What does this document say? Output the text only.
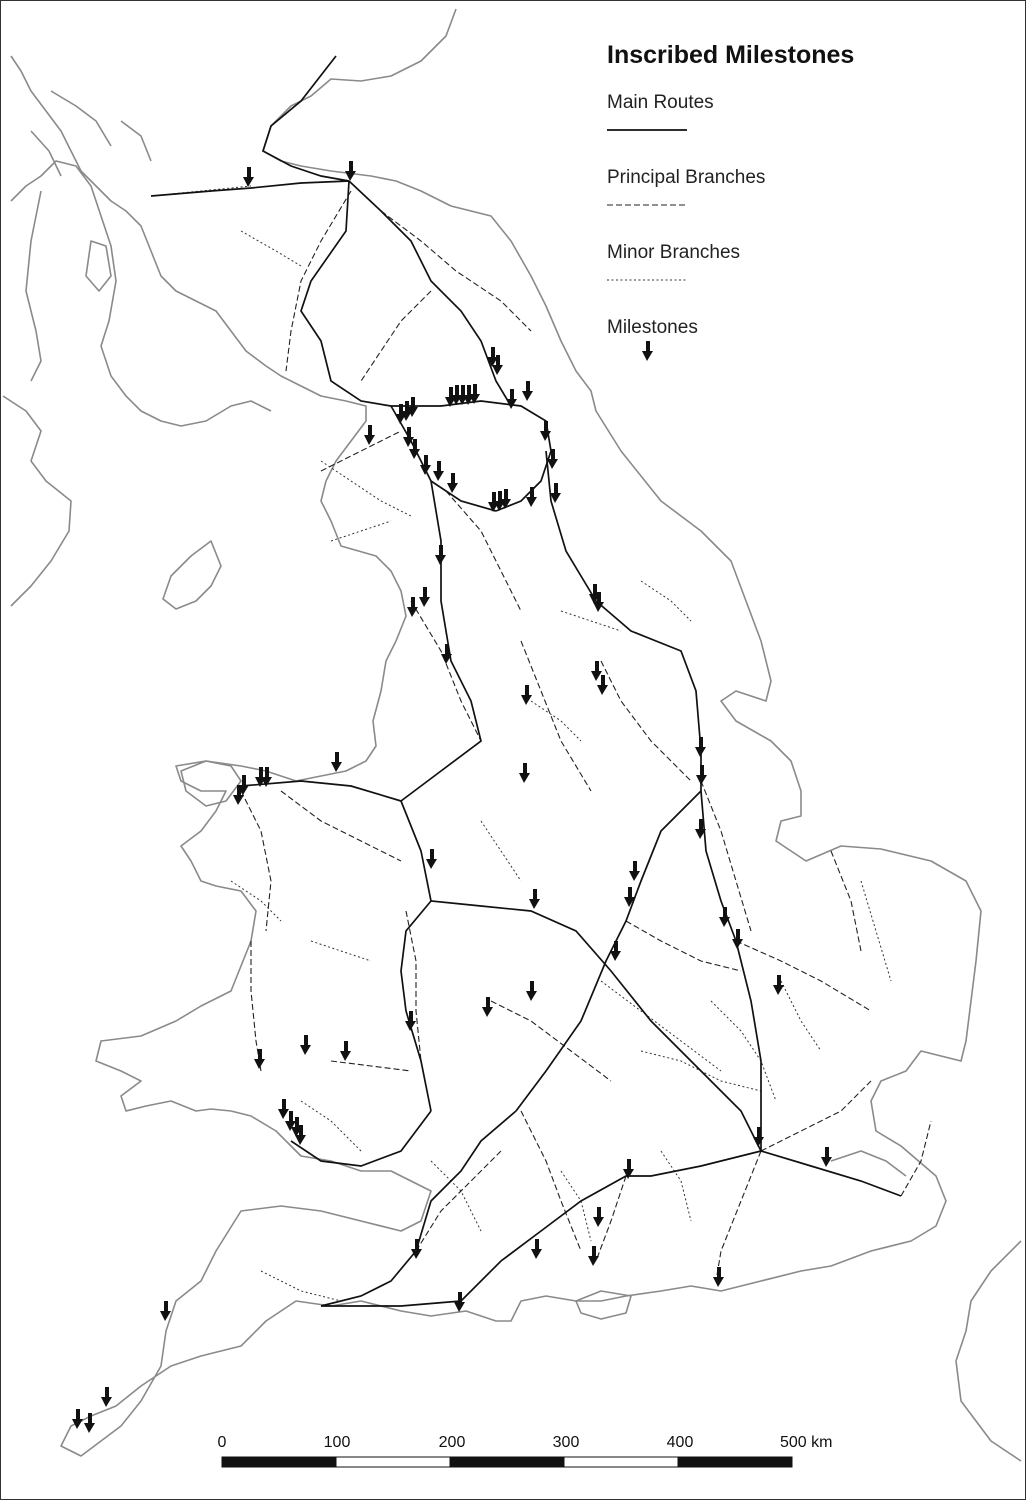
Inscribed Milestones
Main Routes
Principal Branches
Minor Branches
Milestones
0	100	200	300	400	500 km
